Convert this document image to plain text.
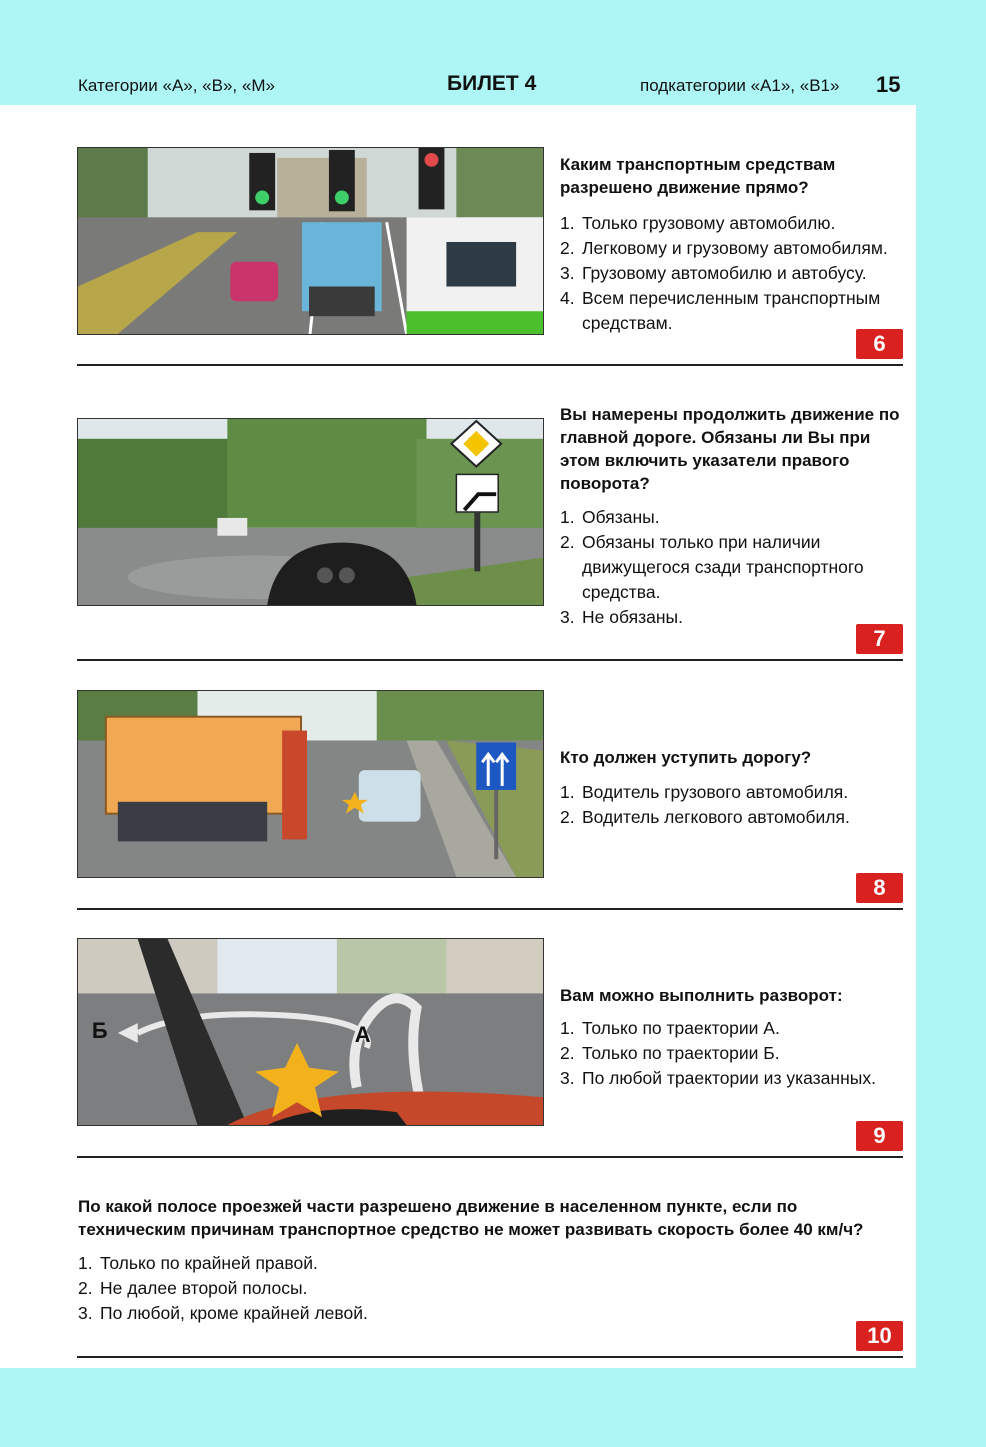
Категории «А», «В», «М»	БИЛЕТ 4	подкатегории «А1», «В1» 15
Каким транспортным средствам разрешено движение прямо?
1. Только грузовому автомобилю.
2. Легковому и грузовому автомобилям.
3. Грузовому автомобилю и автобусу.
4. Всем перечисленным транспортным средствам.
6
Вы намерены продолжить движение по главной дороге. Обязаны ли Вы при этом включить указатели правого поворота?
1. Обязаны.
2. Обязаны только при наличии движущегося сзади транспортного средства.
3. Не обязаны.
7
Кто должен уступить дорогу?
1. Водитель грузового автомобиля.
2. Водитель легкового автомобиля.
8
Б	А
Вам можно выполнить разворот:
1. Только по траектории А.
2. Только по траектории Б.
3. По любой траектории из указанных.
9
По какой полосе проезжей части разрешено движение в населенном пункте, если по техническим причинам транспортное средство не может развивать скорость более 40 км/ч?
1. Только по крайней правой.
2. Не далее второй полосы.
3. По любой, кроме крайней левой.
10
